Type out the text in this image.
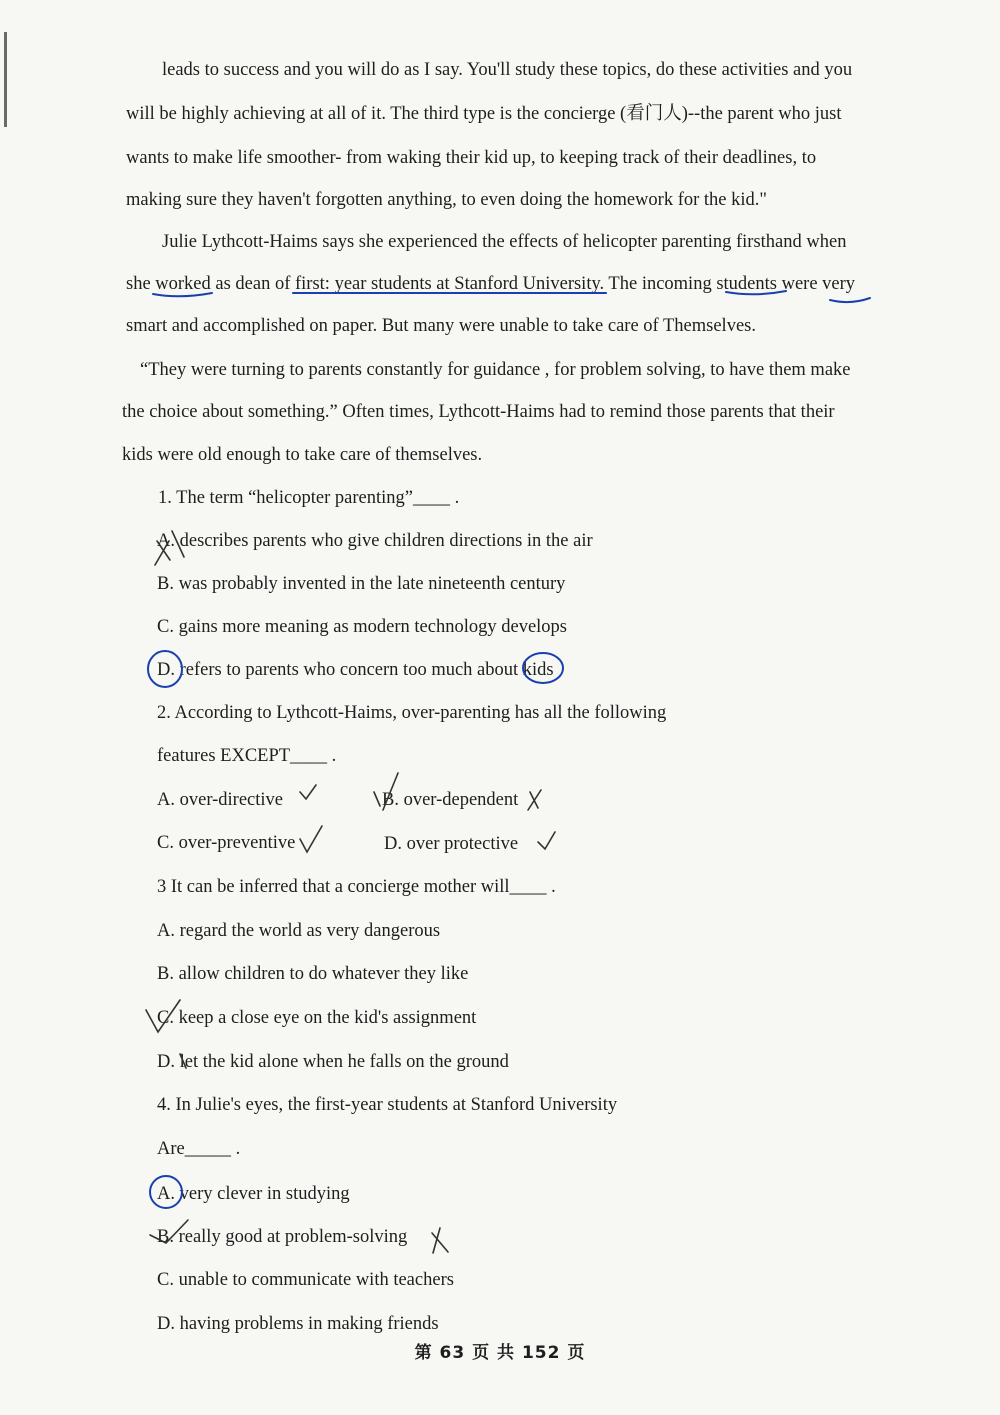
leads to success and you will do as I say. You'll study these topics, do these activities and you
will be highly achieving at all of it. The third type is the concierge (看门人)--the parent who just
wants to make life smoother- from waking their kid up, to keeping track of their deadlines, to
making sure they haven't forgotten anything, to even doing the homework for the kid."
Julie Lythcott-Haims says she experienced the effects of helicopter parenting firsthand when
she worked as dean of first: year students at Stanford University. The incoming students were very
smart and accomplished on paper. But many were unable to take care of Themselves.
“They were turning to parents constantly for guidance , for problem solving, to have them make
the choice about something.” Often times, Lythcott-Haims had to remind those parents that their
kids were old enough to take care of themselves.
1. The term “helicopter parenting”____ .
A. describes parents who give children directions in the air
B. was probably invented in the late nineteenth century
C. gains more meaning as modern technology develops
D. refers to parents who concern too much about kids
2. According to Lythcott-Haims, over-parenting has all the following
features EXCEPT____ .
A. over-directive	B. over-dependent
C. over-preventive	D. over protective
3 It can be inferred that a concierge mother will____ .
A. regard the world as very dangerous
B. allow children to do whatever they like
C. keep a close eye on the kid's assignment
D. let the kid alone when he falls on the ground
4. In Julie's eyes, the first-year students at Stanford University
Are_____ .
A. very clever in studying
B. really good at problem-solving
C. unable to communicate with teachers
D. having problems in making friends
第 63 页 共 152 页
